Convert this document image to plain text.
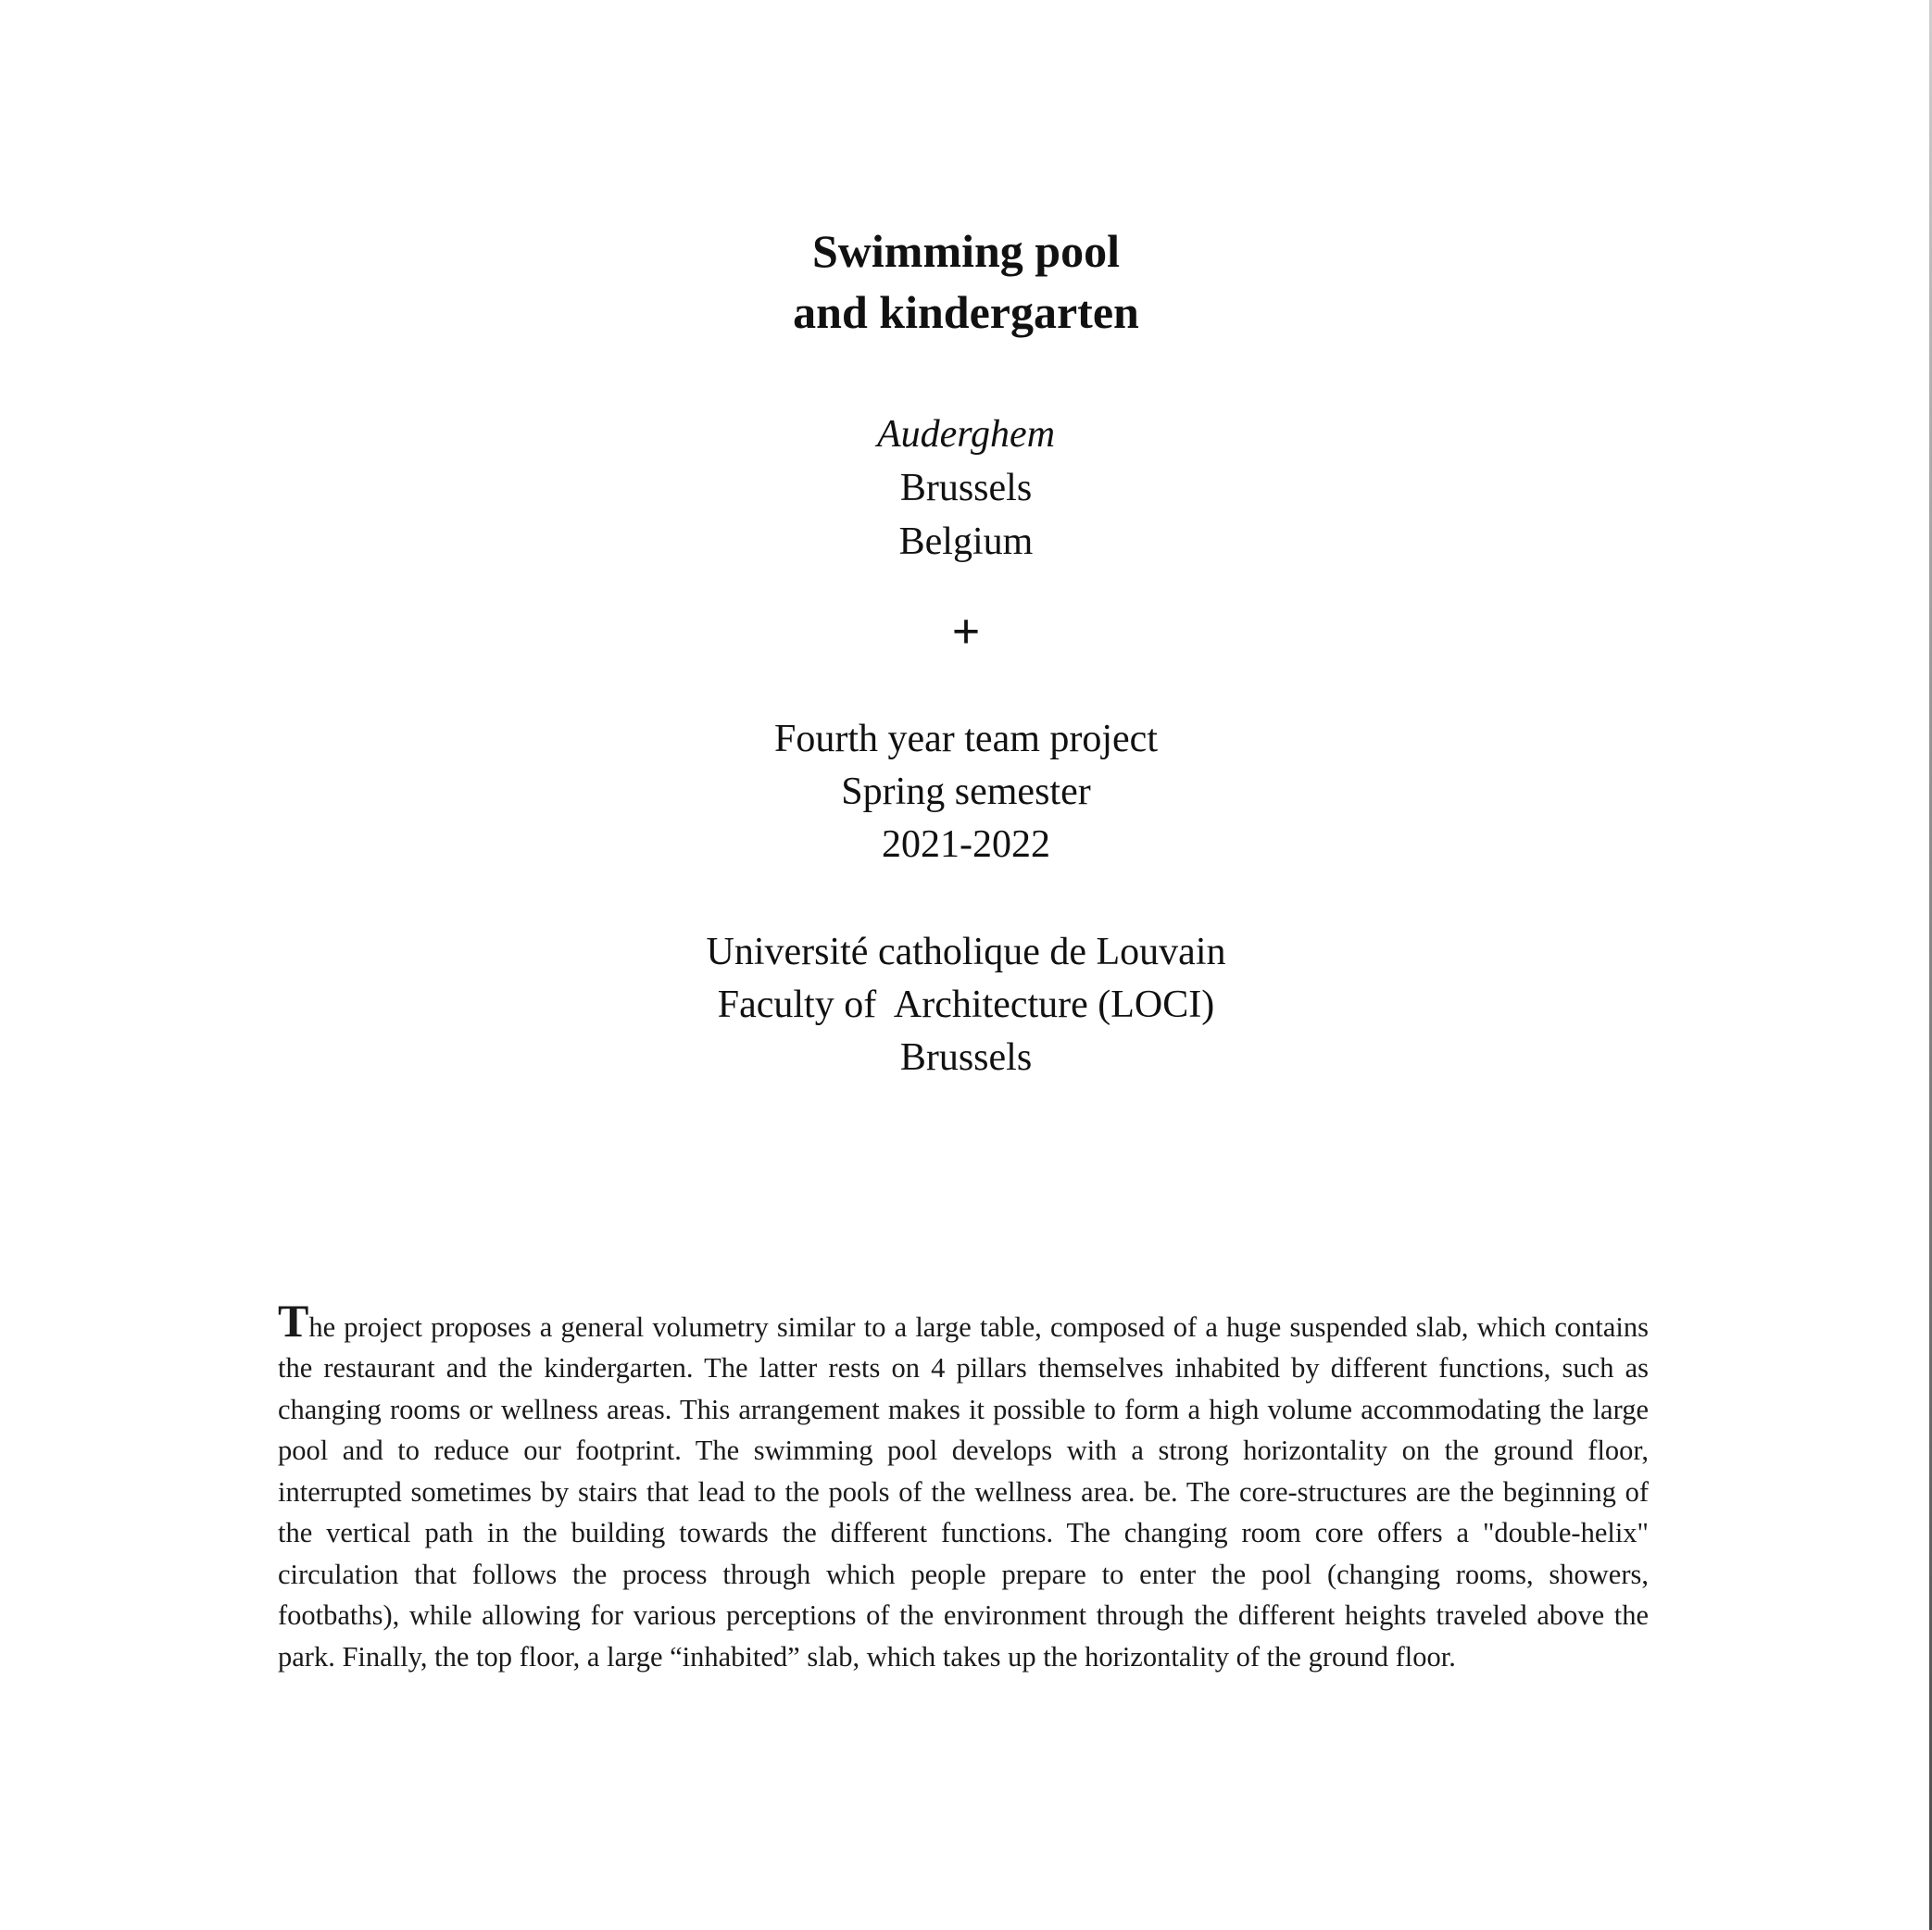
Swimming pool
and kindergarten
Auderghem
Brussels
Belgium
+
Fourth year team project
Spring semester
2021-2022
Université catholique de Louvain
Faculty of  Architecture (LOCI)
Brussels

The project proposes a general volumetry similar to a large table, composed of a huge suspended slab, which contains the restaurant and the kindergarten. The latter rests on 4 pillars themselves inhabited by different functions, such as changing rooms or wellness areas. This arrangement makes it possible to form a high volume accommodating the large pool and to reduce our footprint. The swimming pool develops with a strong horizontality on the ground floor, interrupted sometimes by stairs that lead to the pools of the wellness area. be. The core-structures are the beginning of the vertical path in the building towards the different functions. The changing room core offers a "double-helix" circulation that follows the process through which people prepare to enter the pool (changing rooms, showers, footbaths), while allowing for various perceptions of the environment through the different heights traveled above the park. Finally, the top floor, a large “inhabited” slab, which takes up the horizontality of the ground floor.
